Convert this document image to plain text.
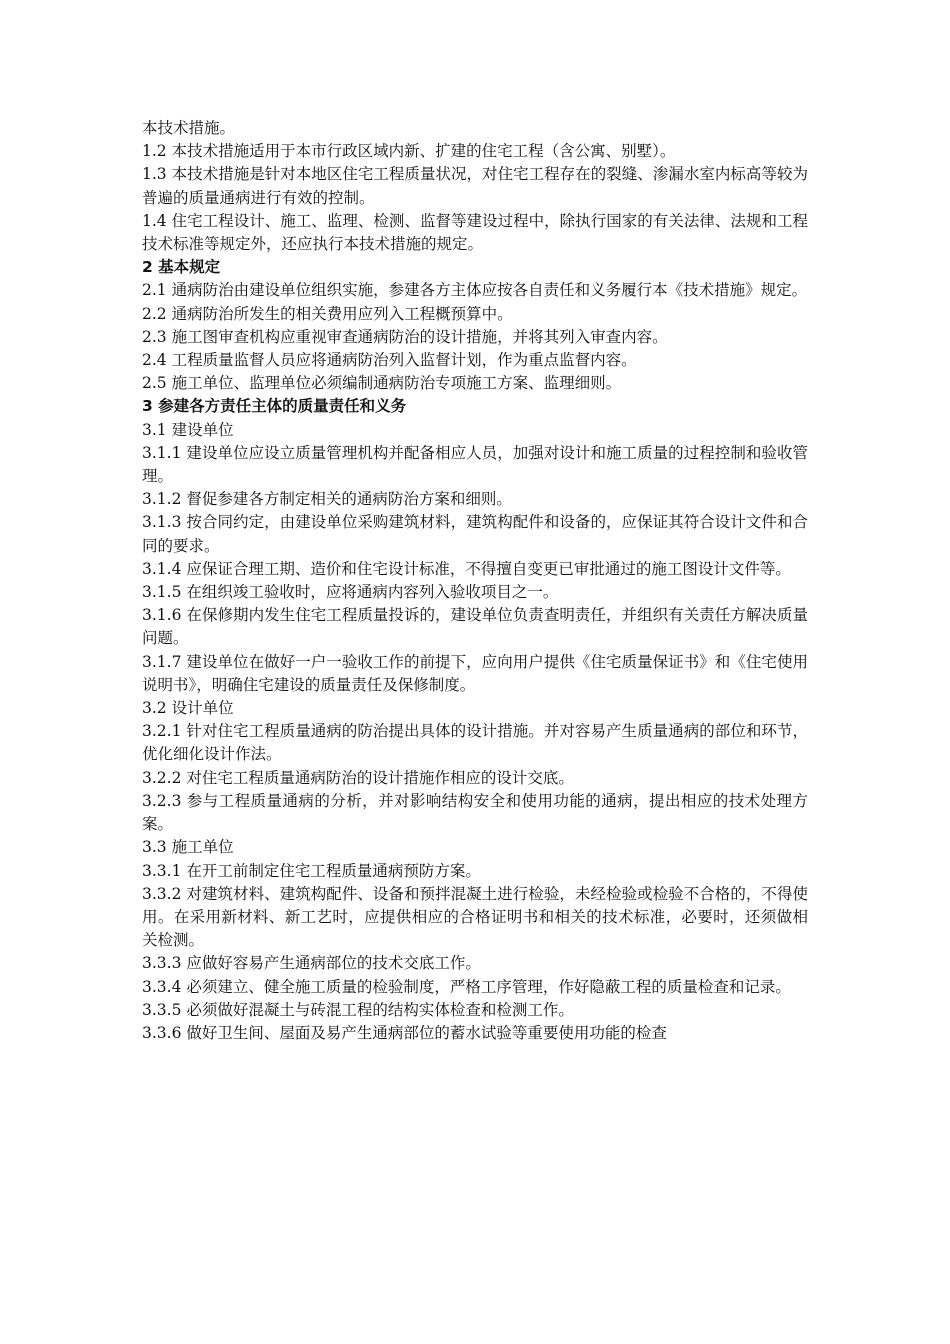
本技术措施。

1.2 本技术措施适用于本市行政区域内新、扩建的住宅工程（含公寓、别墅）。

1.3 本技术措施是针对本地区住宅工程质量状况，对住宅工程存在的裂缝、渗漏水室内标高等较为普遍的质量通病进行有效的控制。

1.4 住宅工程设计、施工、监理、检测、监督等建设过程中，除执行国家的有关法律、法规和工程技术标准等规定外，还应执行本技术措施的规定。

2 基本规定

2.1 通病防治由建设单位组织实施，参建各方主体应按各自责任和义务履行本《技术措施》规定。

2.2 通病防治所发生的相关费用应列入工程概预算中。

2.3 施工图审查机构应重视审查通病防治的设计措施，并将其列入审查内容。

2.4 工程质量监督人员应将通病防治列入监督计划，作为重点监督内容。

2.5 施工单位、监理单位必须编制通病防治专项施工方案、监理细则。

3 参建各方责任主体的质量责任和义务

3.1 建设单位

3.1.1 建设单位应设立质量管理机构并配备相应人员，加强对设计和施工质量的过程控制和验收管理。

3.1.2 督促参建各方制定相关的通病防治方案和细则。

3.1.3 按合同约定，由建设单位采购建筑材料，建筑构配件和设备的，应保证其符合设计文件和合同的要求。

3.1.4 应保证合理工期、造价和住宅设计标准，不得擅自变更已审批通过的施工图设计文件等。

3.1.5 在组织竣工验收时，应将通病内容列入验收项目之一。

3.1.6 在保修期内发生住宅工程质量投诉的，建设单位负责查明责任，并组织有关责任方解决质量问题。

3.1.7 建设单位在做好一户一验收工作的前提下，应向用户提供《住宅质量保证书》和《住宅使用说明书》，明确住宅建设的质量责任及保修制度。

3.2 设计单位

3.2.1 针对住宅工程质量通病的防治提出具体的设计措施。并对容易产生质量通病的部位和环节，优化细化设计作法。

3.2.2 对住宅工程质量通病防治的设计措施作相应的设计交底。

3.2.3 参与工程质量通病的分析，并对影响结构安全和使用功能的通病，提出相应的技术处理方案。

3.3 施工单位

3.3.1 在开工前制定住宅工程质量通病预防方案。

3.3.2 对建筑材料、建筑构配件、设备和预拌混凝土进行检验，未经检验或检验不合格的，不得使用。在采用新材料、新工艺时，应提供相应的合格证明书和相关的技术标准，必要时，还须做相关检测。

3.3.3 应做好容易产生通病部位的技术交底工作。

3.3.4 必须建立、健全施工质量的检验制度，严格工序管理，作好隐蔽工程的质量检查和记录。

3.3.5 必须做好混凝土与砖混工程的结构实体检查和检测工作。

3.3.6 做好卫生间、屋面及易产生通病部位的蓄水试验等重要使用功能的检查
